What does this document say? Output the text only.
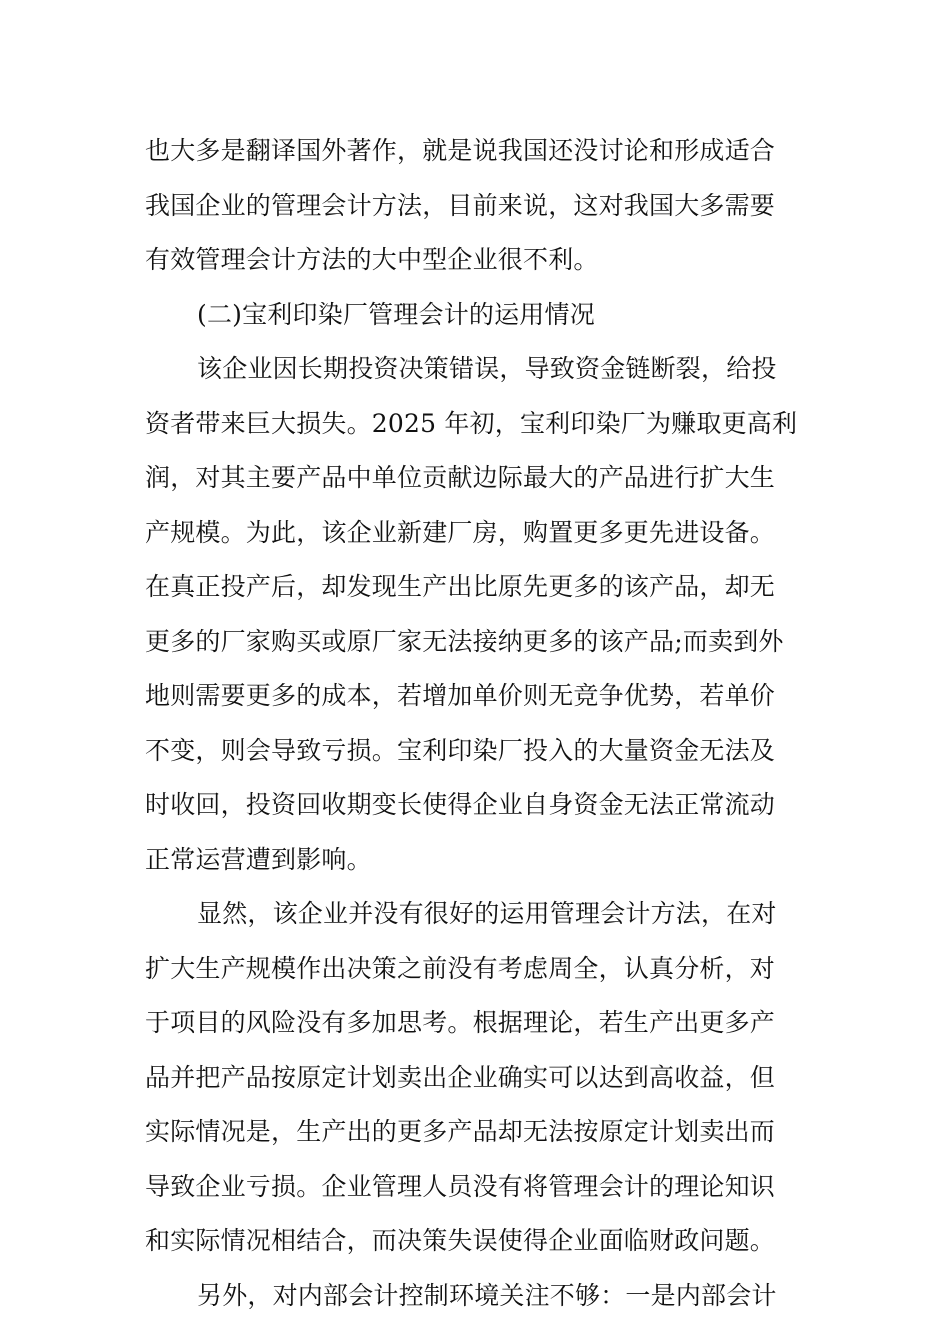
也大多是翻译国外著作，就是说我国还没讨论和形成适合
我国企业的管理会计方法，目前来说，这对我国大多需要
有效管理会计方法的大中型企业很不利。
(二)宝利印染厂管理会计的运用情况
该企业因长期投资决策错误，导致资金链断裂，给投
资者带来巨大损失。2025 年初，宝利印染厂为赚取更高利
润，对其主要产品中单位贡献边际最大的产品进行扩大生
产规模。为此，该企业新建厂房，购置更多更先进设备。
在真正投产后，却发现生产出比原先更多的该产品，却无
更多的厂家购买或原厂家无法接纳更多的该产品;而卖到外
地则需要更多的成本，若增加单价则无竞争优势，若单价
不变，则会导致亏损。宝利印染厂投入的大量资金无法及
时收回，投资回收期变长使得企业自身资金无法正常流动
正常运营遭到影响。
显然，该企业并没有很好的运用管理会计方法，在对
扩大生产规模作出决策之前没有考虑周全，认真分析，对
于项目的风险没有多加思考。根据理论，若生产出更多产
品并把产品按原定计划卖出企业确实可以达到高收益，但
实际情况是，生产出的更多产品却无法按原定计划卖出而
导致企业亏损。企业管理人员没有将管理会计的理论知识
和实际情况相结合，而决策失误使得企业面临财政问题。
另外，对内部会计控制环境关注不够：一是内部会计
